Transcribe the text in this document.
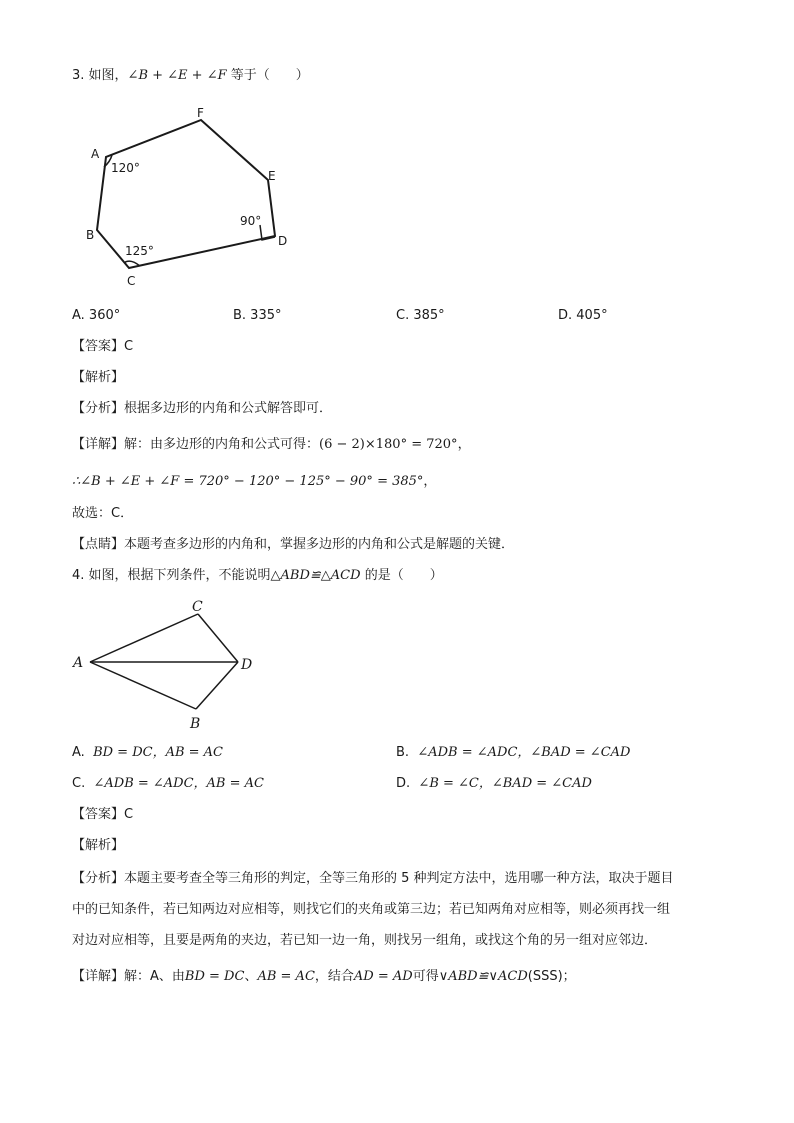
3. 如图，∠B + ∠E + ∠F 等于（　　）
A
B
C
D
E
F
120°
125°
90°
A. 360°	B. 335°	C. 385°	D. 405°
【答案】C
【解析】
【分析】根据多边形的内角和公式解答即可．
【详解】解：由多边形的内角和公式可得：(6 − 2)×180° = 720°，
∴∠B + ∠E + ∠F = 720° − 120° − 125° − 90° = 385°，
故选：C．
【点睛】本题考查多边形的内角和，掌握多边形的内角和公式是解题的关键．
4. 如图，根据下列条件，不能说明△ABD≌△ACD 的是（　　）
A
B
C
D
A. BD = DC，AB = AC	B. ∠ADB = ∠ADC，∠BAD = ∠CAD
C. ∠ADB = ∠ADC，AB = AC	D. ∠B = ∠C，∠BAD = ∠CAD
【答案】C
【解析】
【分析】本题主要考查全等三角形的判定，全等三角形的 5 种判定方法中，选用哪一种方法，取决于题目
中的已知条件，若已知两边对应相等，则找它们的夹角或第三边；若已知两角对应相等，则必须再找一组
对边对应相等，且要是两角的夹边，若已知一边一角，则找另一组角，或找这个角的另一组对应邻边．
【详解】解：A、由BD = DC、AB = AC，结合AD = AD可得∨ABD≌∨ACD(SSS)；
